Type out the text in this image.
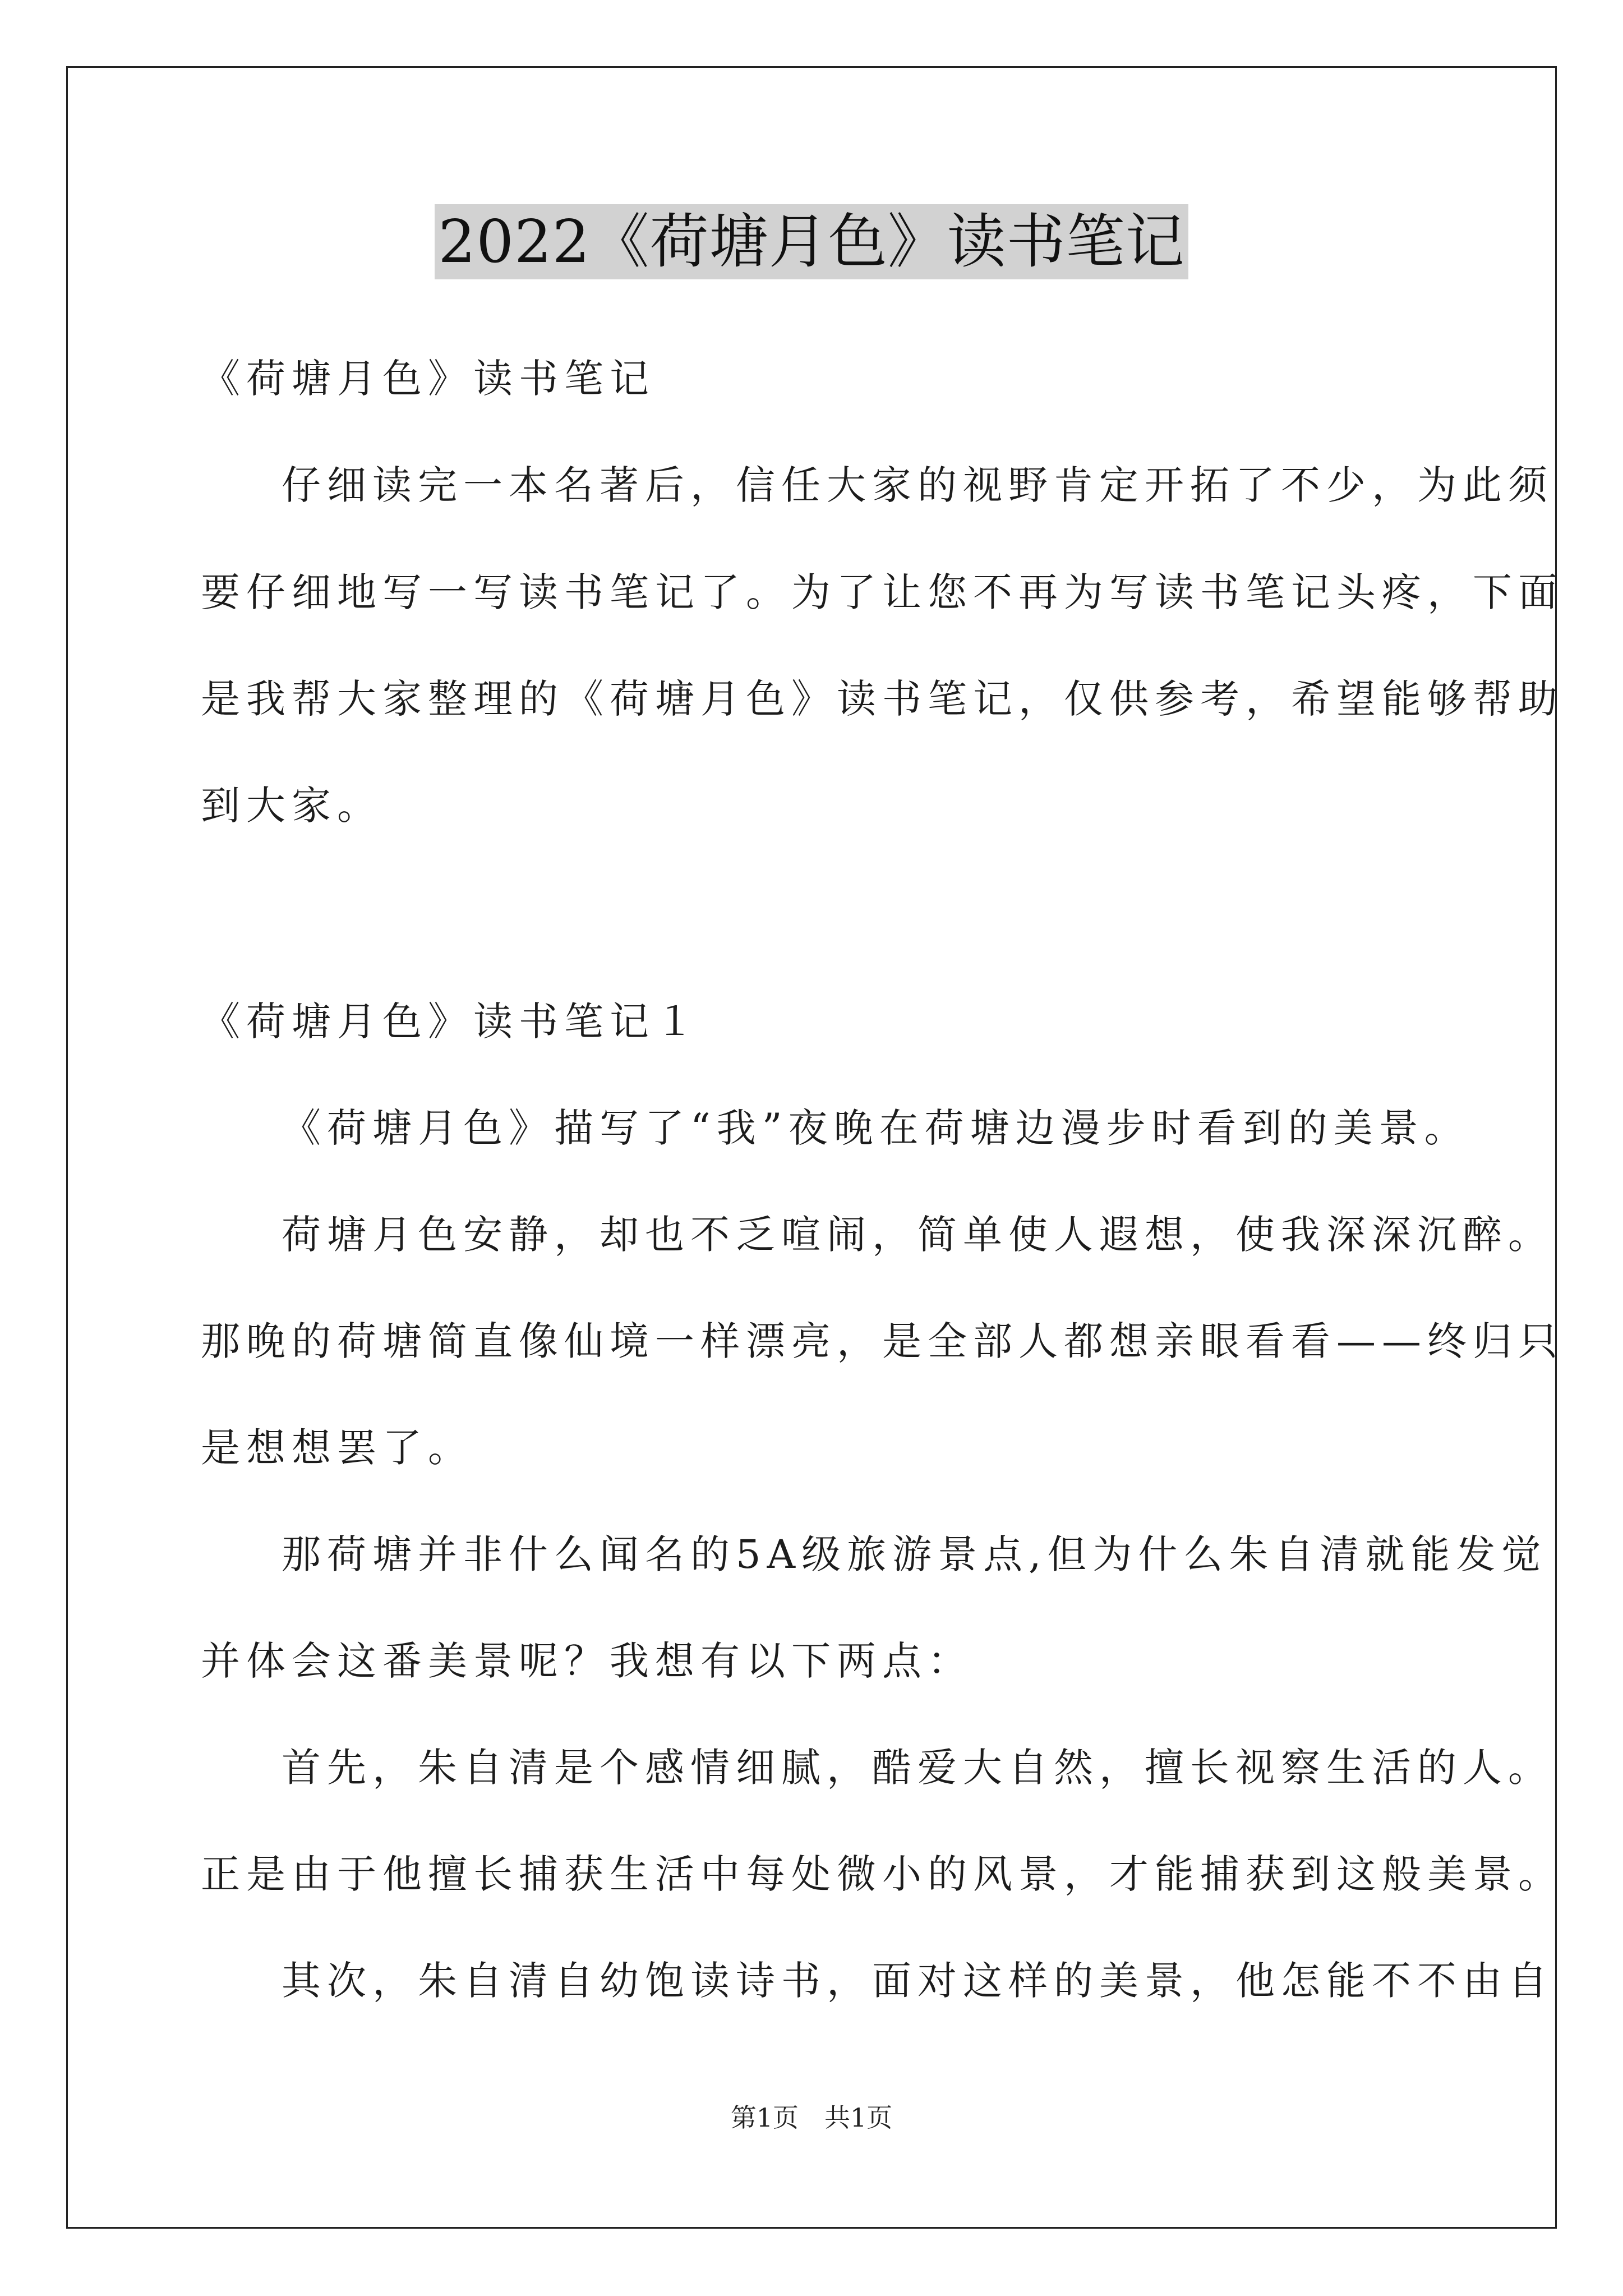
2022《荷塘月色》读书笔记
《荷塘月色》读书笔记
仔细读完一本名著后，信任大家的视野肯定开拓了不少，为此须
要仔细地写一写读书笔记了。为了让您不再为写读书笔记头疼，下面
是我帮大家整理的《荷塘月色》读书笔记，仅供参考，希望能够帮助
到大家。
《荷塘月色》读书笔记１
《荷塘月色》描写了“我”夜晚在荷塘边漫步时看到的美景。
荷塘月色安静，却也不乏喧闹，简单使人遐想，使我深深沉醉。
那晚的荷塘简直像仙境一样漂亮，是全部人都想亲眼看看——终归只
是想想罢了。
那荷塘并非什么闻名的5A级旅游景点,但为什么朱自清就能发觉
并体会这番美景呢？我想有以下两点：
首先，朱自清是个感情细腻，酷爱大自然，擅长视察生活的人。
正是由于他擅长捕获生活中每处微小的风景，才能捕获到这般美景。
其次，朱自清自幼饱读诗书，面对这样的美景，他怎能不不由自
第1页　共1页
